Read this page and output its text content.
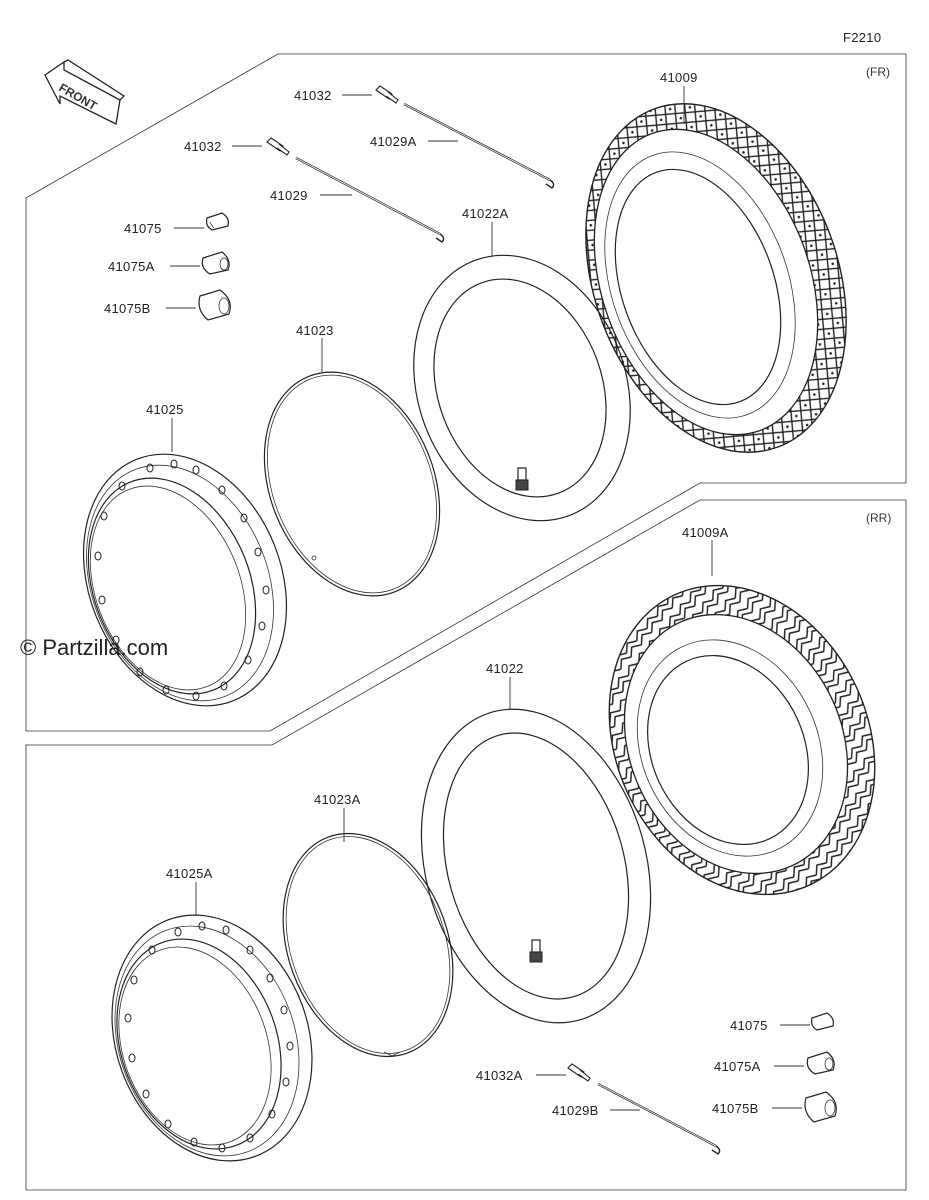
F2210
(FR)
(RR)
FRONT
© Partzilla.com
41009
41032
41029A
41032
41029
41075
41075A
41075B
41022A
41023
41025
41009A
41022
41023A
41025A
41075
41075A
41075B
41032A
41029B
